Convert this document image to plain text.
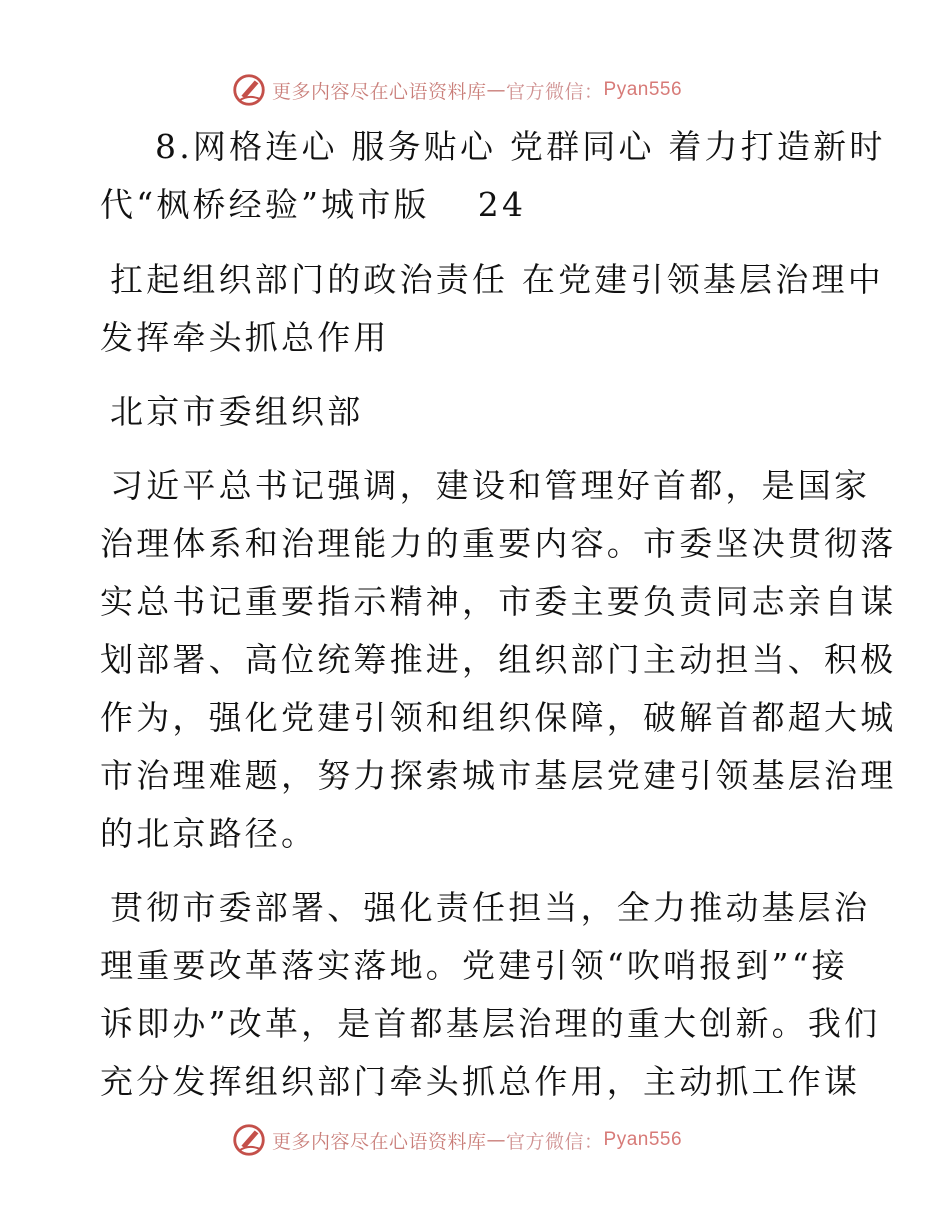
更多内容尽在心语资料库 — 官方微信： Pyan556
8.网格连心 服务贴心 党群同心 着力打造新时
代“枫桥经验”城市版 24
扛起组织部门的政治责任 在党建引领基层治理中
发挥牵头抓总作用
北京市委组织部
习近平总书记强调，建设和管理好首都，是国家
治理体系和治理能力的重要内容。市委坚决贯彻落
实总书记重要指示精神，市委主要负责同志亲自谋
划部署、高位统筹推进，组织部门主动担当、积极
作为，强化党建引领和组织保障，破解首都超大城
市治理难题，努力探索城市基层党建引领基层治理
的北京路径。
贯彻市委部署、强化责任担当，全力推动基层治
理重要改革落实落地。党建引领“吹哨报到”“接
诉即办”改革，是首都基层治理的重大创新。我们
充分发挥组织部门牵头抓总作用，主动抓工作谋
更多内容尽在心语资料库 — 官方微信： Pyan556
